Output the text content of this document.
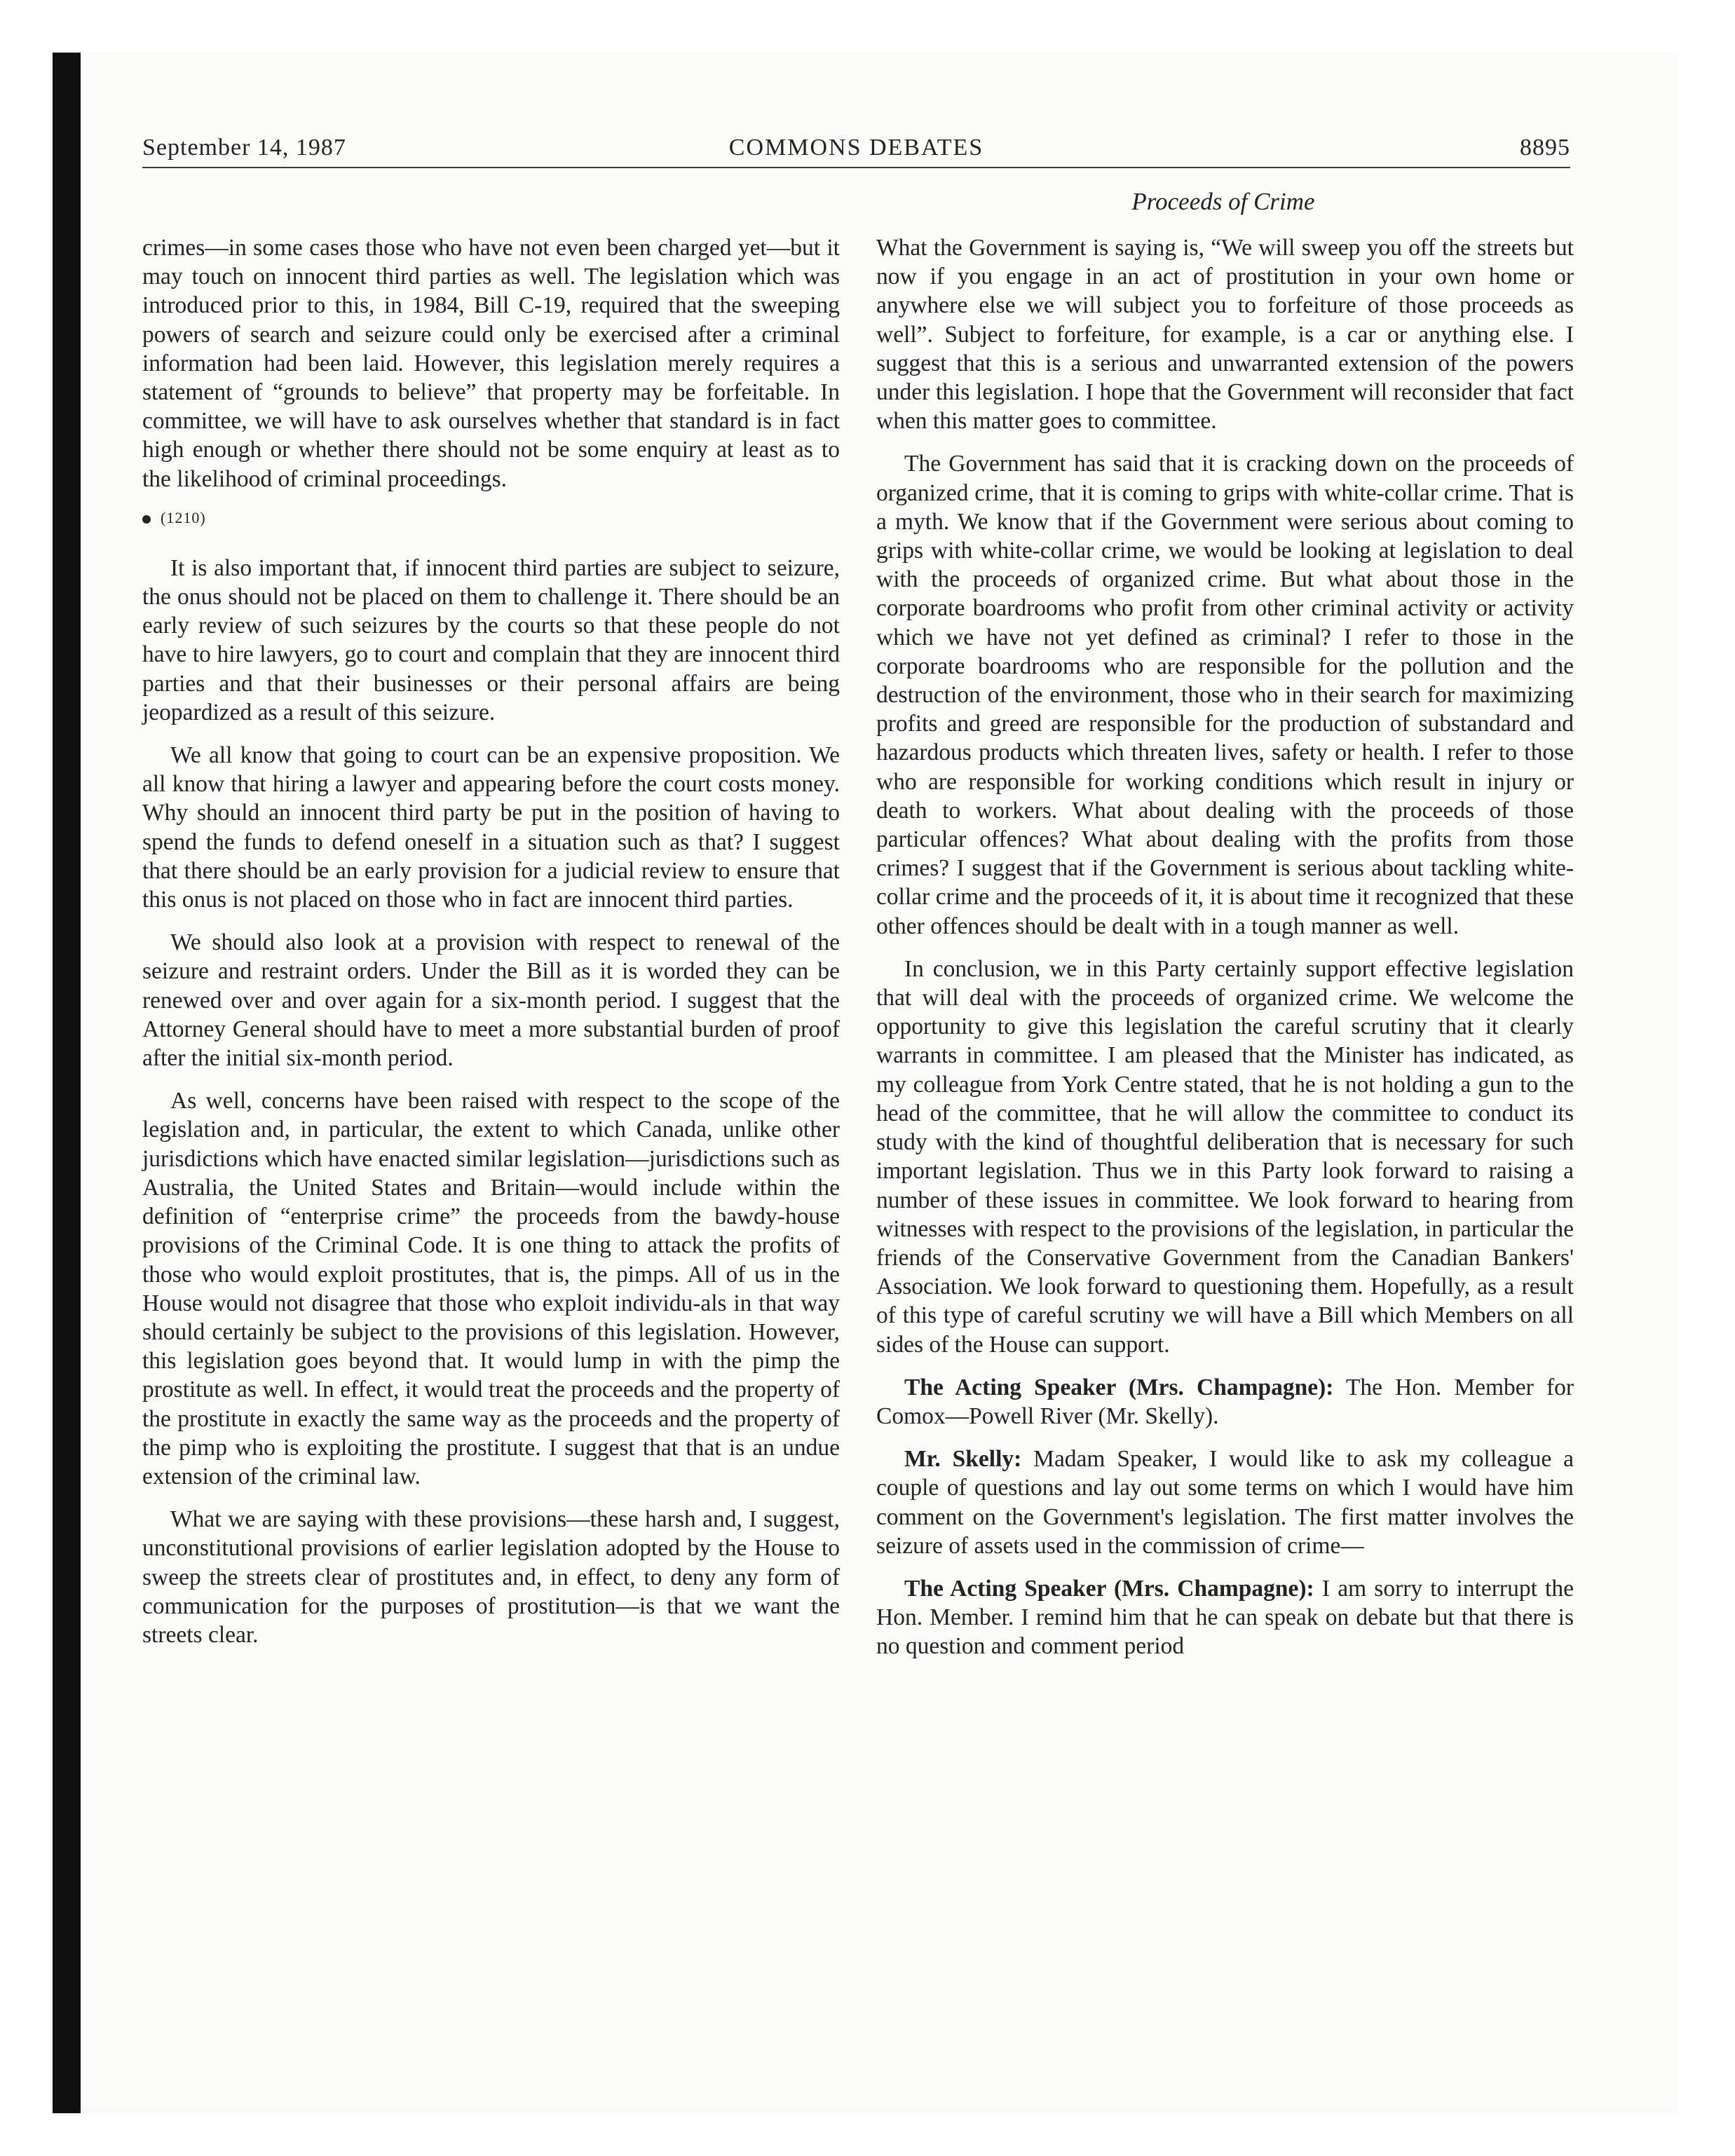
September 14, 1987	COMMONS DEBATES	8895
Proceeds of Crime

crimes—in some cases those who have not even been charged yet—but it may touch on innocent third parties as well. The legislation which was introduced prior to this, in 1984, Bill C-19, required that the sweeping powers of search and seizure could only be exercised after a criminal information had been laid. However, this legislation merely requires a statement of “grounds to believe” that property may be forfeitable. In committee, we will have to ask ourselves whether that standard is in fact high enough or whether there should not be some enquiry at least as to the likelihood of criminal proceedings.

(1210)

It is also important that, if innocent third parties are subject to seizure, the onus should not be placed on them to challenge it. There should be an early review of such seizures by the courts so that these people do not have to hire lawyers, go to court and complain that they are innocent third parties and that their businesses or their personal affairs are being jeopardized as a result of this seizure.

We all know that going to court can be an expensive proposition. We all know that hiring a lawyer and appearing before the court costs money. Why should an innocent third party be put in the position of having to spend the funds to defend oneself in a situation such as that? I suggest that there should be an early provision for a judicial review to ensure that this onus is not placed on those who in fact are innocent third parties.

We should also look at a provision with respect to renewal of the seizure and restraint orders. Under the Bill as it is worded they can be renewed over and over again for a six-month period. I suggest that the Attorney General should have to meet a more substantial burden of proof after the initial six-month period.

As well, concerns have been raised with respect to the scope of the legislation and, in particular, the extent to which Canada, unlike other jurisdictions which have enacted similar legislation—jurisdictions such as Australia, the United States and Britain—would include within the definition of “enterprise crime” the proceeds from the bawdy-house provisions of the Criminal Code. It is one thing to attack the profits of those who would exploit prostitutes, that is, the pimps. All of us in the House would not disagree that those who exploit individu-als in that way should certainly be subject to the provisions of this legislation. However, this legislation goes beyond that. It would lump in with the pimp the prostitute as well. In effect, it would treat the proceeds and the property of the prostitute in exactly the same way as the proceeds and the property of the pimp who is exploiting the prostitute. I suggest that that is an undue extension of the criminal law.

What we are saying with these provisions—these harsh and, I suggest, unconstitutional provisions of earlier legislation adopted by the House to sweep the streets clear of prostitutes and, in effect, to deny any form of communication for the purposes of prostitution—is that we want the streets clear.

What the Government is saying is, “We will sweep you off the streets but now if you engage in an act of prostitution in your own home or anywhere else we will subject you to forfeiture of those proceeds as well”. Subject to forfeiture, for example, is a car or anything else. I suggest that this is a serious and unwarranted extension of the powers under this legislation. I hope that the Government will reconsider that fact when this matter goes to committee.

The Government has said that it is cracking down on the proceeds of organized crime, that it is coming to grips with white-collar crime. That is a myth. We know that if the Government were serious about coming to grips with white-collar crime, we would be looking at legislation to deal with the proceeds of organized crime. But what about those in the corporate boardrooms who profit from other criminal activity or activity which we have not yet defined as criminal? I refer to those in the corporate boardrooms who are responsible for the pollution and the destruction of the environment, those who in their search for maximizing profits and greed are responsible for the production of substandard and hazardous products which threaten lives, safety or health. I refer to those who are responsible for working conditions which result in injury or death to workers. What about dealing with the proceeds of those particular offences? What about dealing with the profits from those crimes? I suggest that if the Government is serious about tackling white-collar crime and the proceeds of it, it is about time it recognized that these other offences should be dealt with in a tough manner as well.

In conclusion, we in this Party certainly support effective legislation that will deal with the proceeds of organized crime. We welcome the opportunity to give this legislation the careful scrutiny that it clearly warrants in committee. I am pleased that the Minister has indicated, as my colleague from York Centre stated, that he is not holding a gun to the head of the committee, that he will allow the committee to conduct its study with the kind of thoughtful deliberation that is necessary for such important legislation. Thus we in this Party look forward to raising a number of these issues in committee. We look forward to hearing from witnesses with respect to the provisions of the legislation, in particular the friends of the Conservative Government from the Canadian Bankers' Association. We look forward to questioning them. Hopefully, as a result of this type of careful scrutiny we will have a Bill which Members on all sides of the House can support.

The Acting Speaker (Mrs. Champagne): The Hon. Member for Comox—Powell River (Mr. Skelly).

Mr. Skelly: Madam Speaker, I would like to ask my colleague a couple of questions and lay out some terms on which I would have him comment on the Government's legislation. The first matter involves the seizure of assets used in the commission of crime—

The Acting Speaker (Mrs. Champagne): I am sorry to interrupt the Hon. Member. I remind him that he can speak on debate but that there is no question and comment period
